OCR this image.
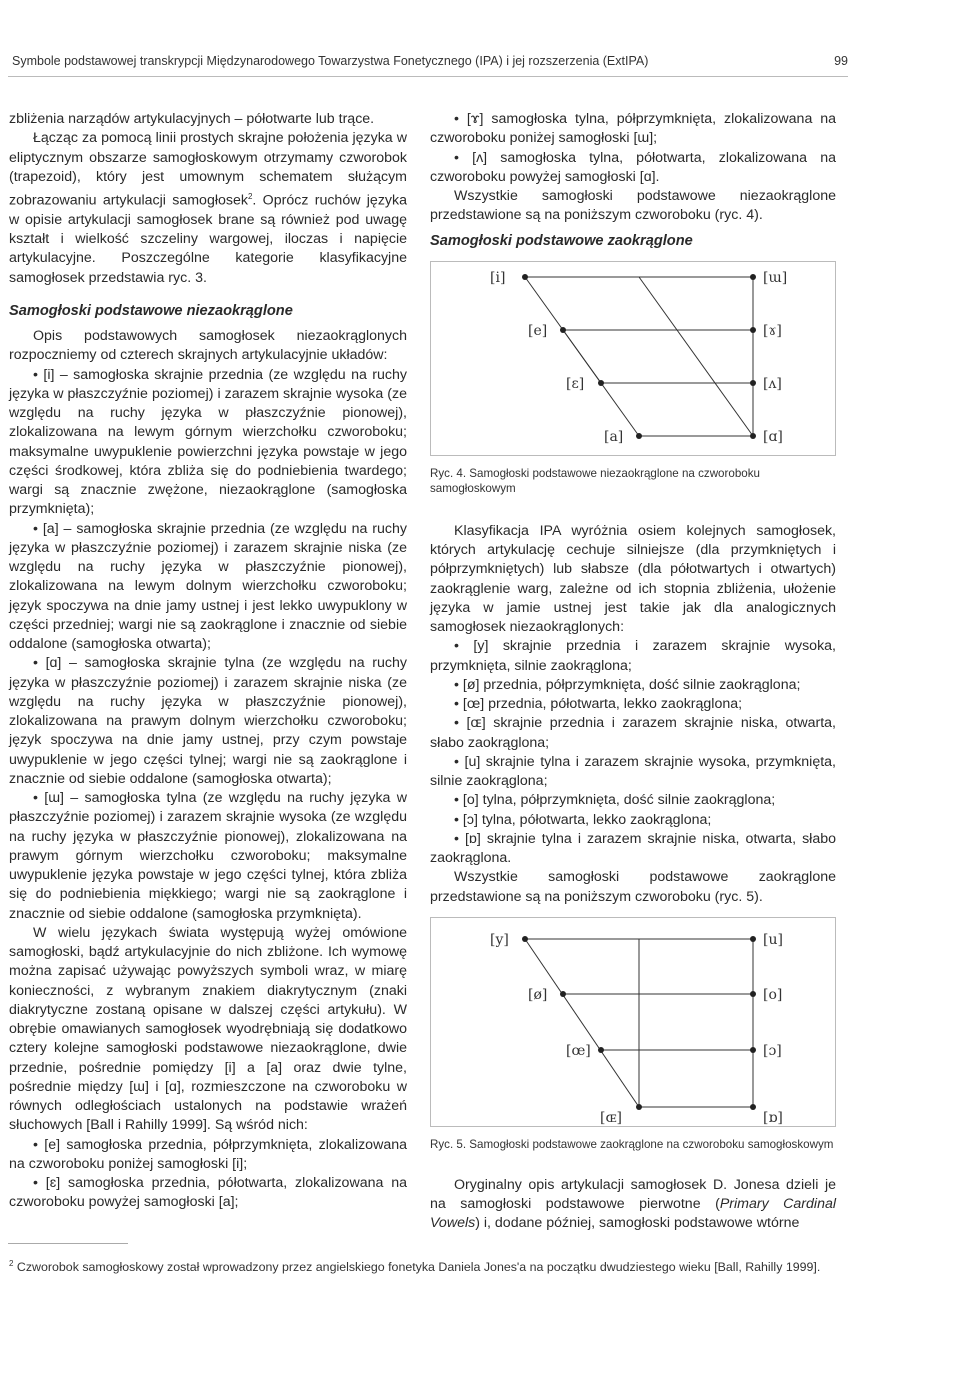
Symbole podstawowej transkrypcji Międzynarodowego Towarzystwa Fonetycznego (IPA) i jej rozszerzenia (ExtIPA)	99

zbliżenia narządów artykulacyjnych – półotwarte lub trące.

Łącząc za pomocą linii prostych skrajne położenia języka w eliptycznym obszarze samogłoskowym otrzymamy czworobok (trapezoid), który jest umownym schematem służącym zobrazowaniu artykulacji samogłosek$^2$. Oprócz ruchów języka w opisie artykulacji samogłosek brane są również pod uwagę kształt i wielkość szczeliny wargowej, iloczas i napięcie artykulacyjne. Poszczególne kategorie klasyfikacyjne samogłosek przedstawia ryc. 3.

Samogłoski podstawowe niezaokrąglone

Opis podstawowych samogłosek niezaokrąglonych rozpoczniemy od czterech skrajnych artykulacyjnie układów:

• [i] – samogłoska skrajnie przednia (ze względu na ruchy języka w płaszczyźnie poziomej) i zarazem skrajnie wysoka (ze względu na ruchy języka w płaszczyźnie pionowej), zlokalizowana na lewym górnym wierzchołku czworoboku; maksymalne uwypuklenie powierzchni języka powstaje w jego części środkowej, która zbliża się do podniebienia twardego; wargi są znacznie zwężone, niezaokrąglone (samogłoska przymknięta);

• [a] – samogłoska skrajnie przednia (ze względu na ruchy języka w płaszczyźnie poziomej) i zarazem skrajnie niska (ze względu na ruchy języka w płaszczyźnie pionowej), zlokalizowana na lewym dolnym wierzchołku czworoboku; język spoczywa na dnie jamy ustnej i jest lekko uwypuklony w części przedniej; wargi nie są zaokrąglone i znacznie od siebie oddalone (samogłoska otwarta);

• [ɑ] – samogłoska skrajnie tylna (ze względu na ruchy języka w płaszczyźnie poziomej) i zarazem skrajnie niska (ze względu na ruchy języka w płaszczyźnie pionowej), zlokalizowana na prawym dolnym wierzchołku czworoboku; język spoczywa na dnie jamy ustnej, przy czym powstaje uwypuklenie w jego części tylnej; wargi nie są zaokrąglone i znacznie od siebie oddalone (samogłoska otwarta);

• [ɯ] – samogłoska tylna (ze względu na ruchy języka w płaszczyźnie poziomej) i zarazem skrajnie wysoka (ze względu na ruchy języka w płaszczyźnie pionowej), zlokalizowana na prawym górnym wierzchołku czworoboku; maksymalne uwypuklenie języka powstaje w jego części tylnej, która zbliża się do podniebienia miękkiego; wargi nie są zaokrąglone i znacznie od siebie oddalone (samogłoska przymknięta).

W wielu językach świata występują wyżej omówione samogłoski, bądź artykulacyjnie do nich zbliżone. Ich wymowę można zapisać używając powyższych symboli wraz, w miarę konieczności, z wybranym znakiem diakrytycznym (znaki diakrytyczne zostaną opisane w dalszej części artykułu). W obrębie omawianych samogłosek wyodrębniają się dodatkowo cztery kolejne samogłoski podstawowe niezaokrąglone, dwie przednie, pośrednie pomiędzy [i] a [a] oraz dwie tylne, pośrednie między [ɯ] i [ɑ], rozmieszczone na czworoboku w równych odległościach ustalonych na podstawie wrażeń słuchowych [Ball i Rahilly 1999]. Są wśród nich:

• [e] samogłoska przednia, półprzymknięta, zlokalizowana na czworoboku poniżej samogłoski [i];

• [ɛ] samogłoska przednia, półotwarta, zlokalizowana na czworoboku powyżej samogłoski [a];

• [ɤ] samogłoska tylna, półprzymknięta, zlokalizowana na czworoboku poniżej samogłoski [ɯ];

• [ʌ] samogłoska tylna, półotwarta, zlokalizowana na czworoboku powyżej samogłoski [ɑ].

Wszystkie samogłoski podstawowe niezaokrąglone przedstawione są na poniższym czworoboku (ryc. 4).

Samogłoski podstawowe zaokrąglone

[i]
[e]
[ɛ]
[a]
[ɯ]
[ɤ]
[ʌ]
[ɑ]

Ryc. 4. Samogłoski podstawowe niezaokrąglone na czworoboku samogłoskowym

Klasyfikacja IPA wyróżnia osiem kolejnych samogłosek, których artykulację cechuje silniejsze (dla przymkniętych i półprzymkniętych) lub słabsze (dla półotwartych i otwartych) zaokrąglenie warg, zależne od ich stopnia zbliżenia, ułożenie języka w jamie ustnej jest takie jak dla analogicznych samogłosek niezaokrąglonych:

• [y] skrajnie przednia i zarazem skrajnie wysoka, przymknięta, silnie zaokrąglona;

• [ø] przednia, półprzymknięta, dość silnie zaokrąglona;

• [œ] przednia, półotwarta, lekko zaokrąglona;

• [ɶ] skrajnie przednia i zarazem skrajnie niska, otwarta, słabo zaokrąglona;

• [u] skrajnie tylna i zarazem skrajnie wysoka, przymknięta, silnie zaokrąglona;

• [o] tylna, półprzymknięta, dość silnie zaokrąglona;

• [ɔ] tylna, półotwarta, lekko zaokrąglona;

• [ɒ] skrajnie tylna i zarazem skrajnie niska, otwarta, słabo zaokrąglona.

Wszystkie samogłoski podstawowe zaokrąglone przedstawione są na poniższym czworoboku (ryc. 5).

[y]
[ø]
[œ]
[ɶ]
[u]
[o]
[ɔ]
[ɒ]

Ryc. 5. Samogłoski podstawowe zaokrąglone na czworoboku samogłoskowym

Oryginalny opis artykulacji samogłosek D. Jonesa dzieli je na samogłoski podstawowe pierwotne (Primary Cardinal Vowels) i, dodane później, samogłoski podstawowe wtórne

$^2$ Czworobok samogłoskowy został wprowadzony przez angielskiego fonetyka Daniela Jones'a na początku dwudziestego wieku [Ball, Rahilly 1999].
